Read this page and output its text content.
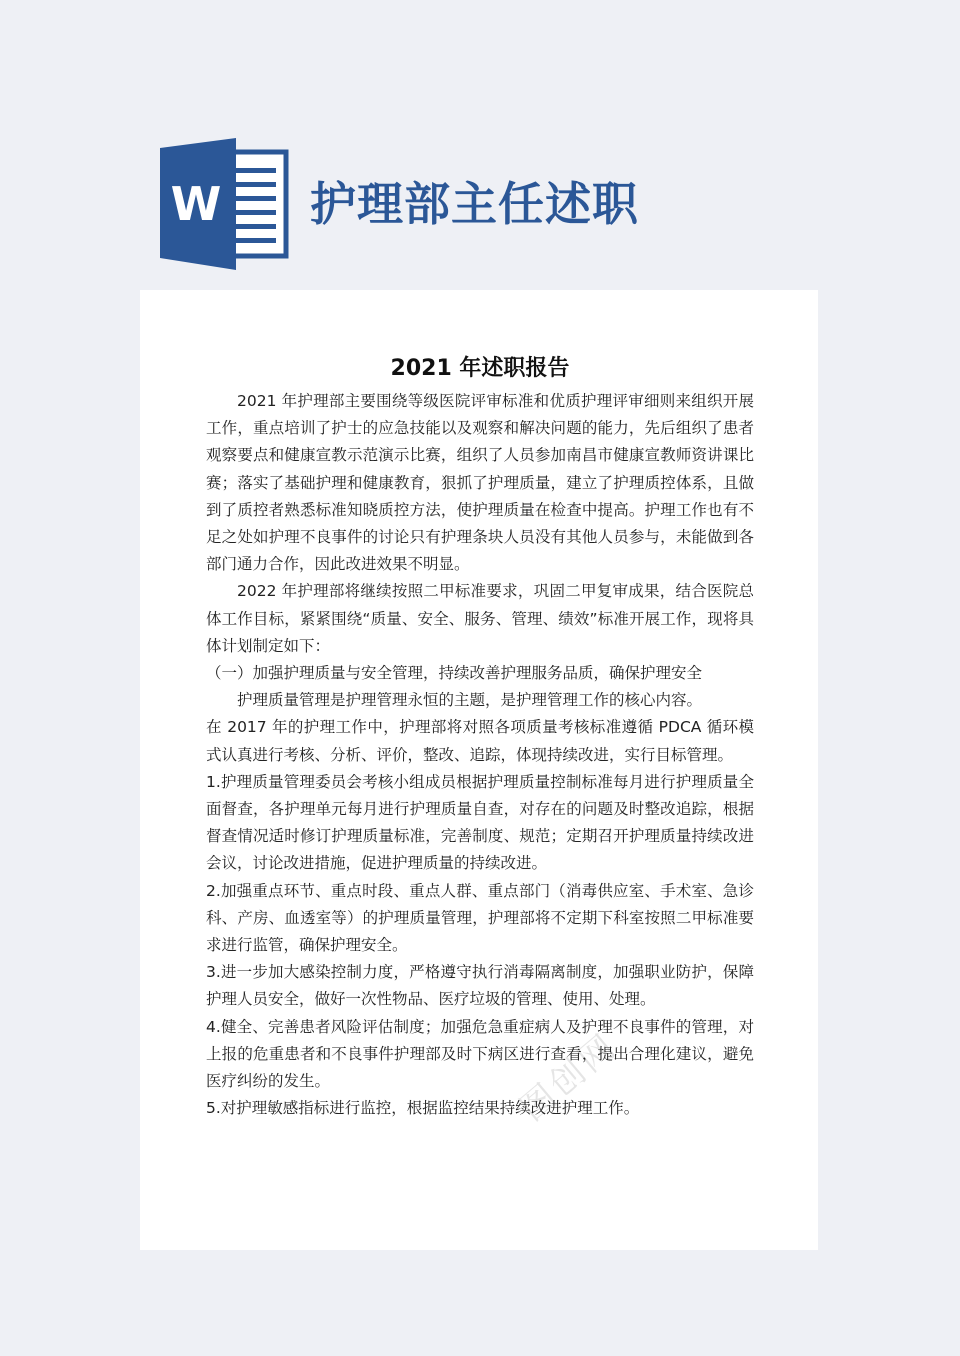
W 护理部主任述职
图创网
2021 年述职报告

2021 年护理部主要围绕等级医院评审标准和优质护理评审细则来组织开展工作，重点培训了护士的应急技能以及观察和解决问题的能力，先后组织了患者观察要点和健康宣教示范演示比赛，组织了人员参加南昌市健康宣教师资讲课比赛；落实了基础护理和健康教育，狠抓了护理质量，建立了护理质控体系，且做到了质控者熟悉标准知晓质控方法，使护理质量在检查中提高。护理工作也有不足之处如护理不良事件的讨论只有护理条块人员没有其他人员参与，未能做到各部门通力合作，因此改进效果不明显。

2022 年护理部将继续按照二甲标准要求，巩固二甲复审成果，结合医院总体工作目标，紧紧围绕“质量、安全、服务、管理、绩效”标准开展工作，现将具体计划制定如下：

（一）加强护理质量与安全管理，持续改善护理服务品质，确保护理安全

护理质量管理是护理管理永恒的主题，是护理管理工作的核心内容。

在 2017 年的护理工作中，护理部将对照各项质量考核标准遵循 PDCA 循环模式认真进行考核、分析、评价，整改、追踪，体现持续改进，实行目标管理。

1.护理质量管理委员会考核小组成员根据护理质量控制标准每月进行护理质量全面督查，各护理单元每月进行护理质量自查，对存在的问题及时整改追踪，根据督查情况适时修订护理质量标准，完善制度、规范；定期召开护理质量持续改进会议，讨论改进措施，促进护理质量的持续改进。

2.加强重点环节、重点时段、重点人群、重点部门（消毒供应室、手术室、急诊科、产房、血透室等）的护理质量管理，护理部将不定期下科室按照二甲标准要求进行监管，确保护理安全。

3.进一步加大感染控制力度，严格遵守执行消毒隔离制度，加强职业防护，保障护理人员安全，做好一次性物品、医疗垃圾的管理、使用、处理。

4.健全、完善患者风险评估制度；加强危急重症病人及护理不良事件的管理，对上报的危重患者和不良事件护理部及时下病区进行查看，提出合理化建议，避免医疗纠纷的发生。

5.对护理敏感指标进行监控，根据监控结果持续改进护理工作。
